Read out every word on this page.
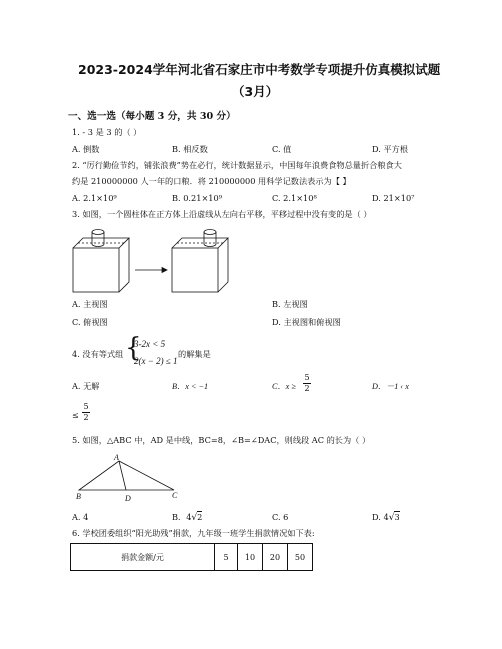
2023-2024学年河北省石家庄市中考数学专项提升仿真模拟试题
（3月）
一、选一选（每小题 3 分，共 30 分）
1. - 3 是 3 的（ ）
A. 倒数	B. 相反数	C. 值	D. 平方根
2. “厉行勤俭节约，铺张浪费”势在必行，统计数据显示，中国每年浪费食物总量折合粮食大
约是 210000000 人一年的口粮．将 210000000 用科学记数法表示为【 】
A. 2.1×10⁹	B. 0.21×10⁹	C. 2.1×10⁸	D. 21×10⁷
3. 如图，一个圆柱体在正方体上沿虚线从左向右平移，平移过程中没有变的是（ ）
A. 主视图	B. 左视图
C. 俯视图	D. 主视图和俯视图
4. 没有等式组 {
3-2x < 5
2(x − 2) ≤ 1
的解集是
A. 无解	B．x < −1	C．x ≥
5
2	D．－1 ‹ x
≤
5
2
5. 如图，△ABC 中，AD 是中线，BC=8，∠B=∠DAC，则线段 AC 的长为（ ）
A
B	D	C
A. 4	B．4√2	C. 6	D. 4√3
6. 学校团委组织“阳光助残”捐款，九年级一班学生捐款情况如下表:
捐款金额/元	5	10	20	50
